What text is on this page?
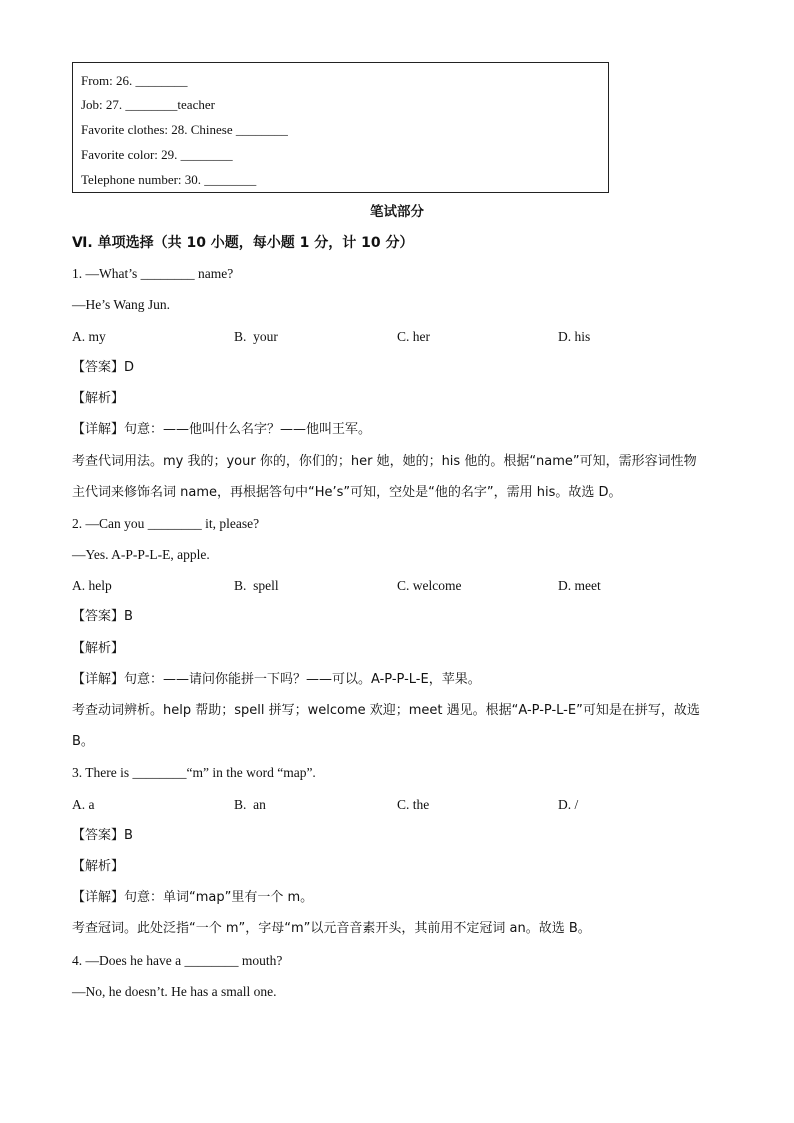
From: 26. ________
Job: 27. ________teacher
Favorite clothes: 28. Chinese ________
Favorite color: 29. ________
Telephone number: 30. ________
笔试部分
Ⅵ. 单项选择（共 10 小题，每小题 1 分，计 10 分）
1. —What’s ________ name?
—He’s Wang Jun.
A. my	B.  your	C. her	D. his
【答案】D
【解析】
【详解】句意：——他叫什么名字？——他叫王军。
考查代词用法。my 我的；your 你的，你们的；her 她，她的；his 他的。根据“name”可知，需形容词性物
主代词来修饰名词 name，再根据答句中“He’s”可知，空处是“他的名字”，需用 his。故选 D。
2. —Can you ________ it, please?
—Yes. A-P-P-L-E, apple.
A. help	B.  spell	C. welcome	D. meet
【答案】B
【解析】
【详解】句意：——请问你能拼一下吗？——可以。A-P-P-L-E，苹果。
考查动词辨析。help 帮助；spell 拼写；welcome 欢迎；meet 遇见。根据“A-P-P-L-E”可知是在拼写，故选
B。
3. There is ________“m” in the word “map”.
A. a	B.  an	C. the	D. /
【答案】B
【解析】
【详解】句意：单词“map”里有一个 m。
考查冠词。此处泛指“一个 m”，字母“m”以元音音素开头，其前用不定冠词 an。故选 B。
4. —Does he have a ________ mouth?
—No, he doesn’t. He has a small one.
